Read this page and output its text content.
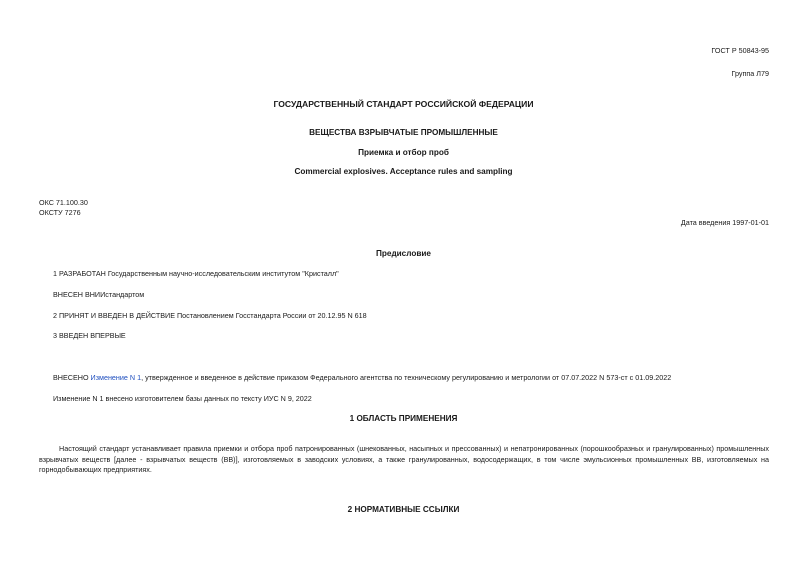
ГОСТ Р 50843-95
Группа Л79
ГОСУДАРСТВЕННЫЙ СТАНДАРТ РОССИЙСКОЙ ФЕДЕРАЦИИ
ВЕЩЕСТВА ВЗРЫВЧАТЫЕ ПРОМЫШЛЕННЫЕ
Приемка и отбор проб
Commercial explosives. Acceptance rules and sampling
ОКС 71.100.30
ОКСТУ 7276
Дата введения 1997-01-01
Предисловие
1 РАЗРАБОТАН Государственным научно-исследовательским институтом "Кристалл"
ВНЕСЕН ВНИИстандартом
2 ПРИНЯТ И ВВЕДЕН В ДЕЙСТВИЕ Постановлением Госстандарта России от 20.12.95 N 618
3 ВВЕДЕН ВПЕРВЫЕ
ВНЕСЕНО Изменение N 1, утвержденное и введенное в действие приказом Федерального агентства по техническому регулированию и метрологии от 07.07.2022 N 573-ст с 01.09.2022
Изменение N 1 внесено изготовителем базы данных по тексту ИУС N 9, 2022
1 ОБЛАСТЬ ПРИМЕНЕНИЯ
Настоящий стандарт устанавливает правила приемки и отбора проб патронированных (шнекованных, насыпных и прессованных) и непатронированных (порошкообразных и гранулированных) промышленных взрывчатых веществ [далее - взрывчатых веществ (ВВ)], изготовляемых в заводских условиях, а также гранулированных, водосодержащих, в том числе эмульсионных промышленных ВВ, изготовляемых на горнодобывающих предприятиях.
2 НОРМАТИВНЫЕ ССЫЛКИ
